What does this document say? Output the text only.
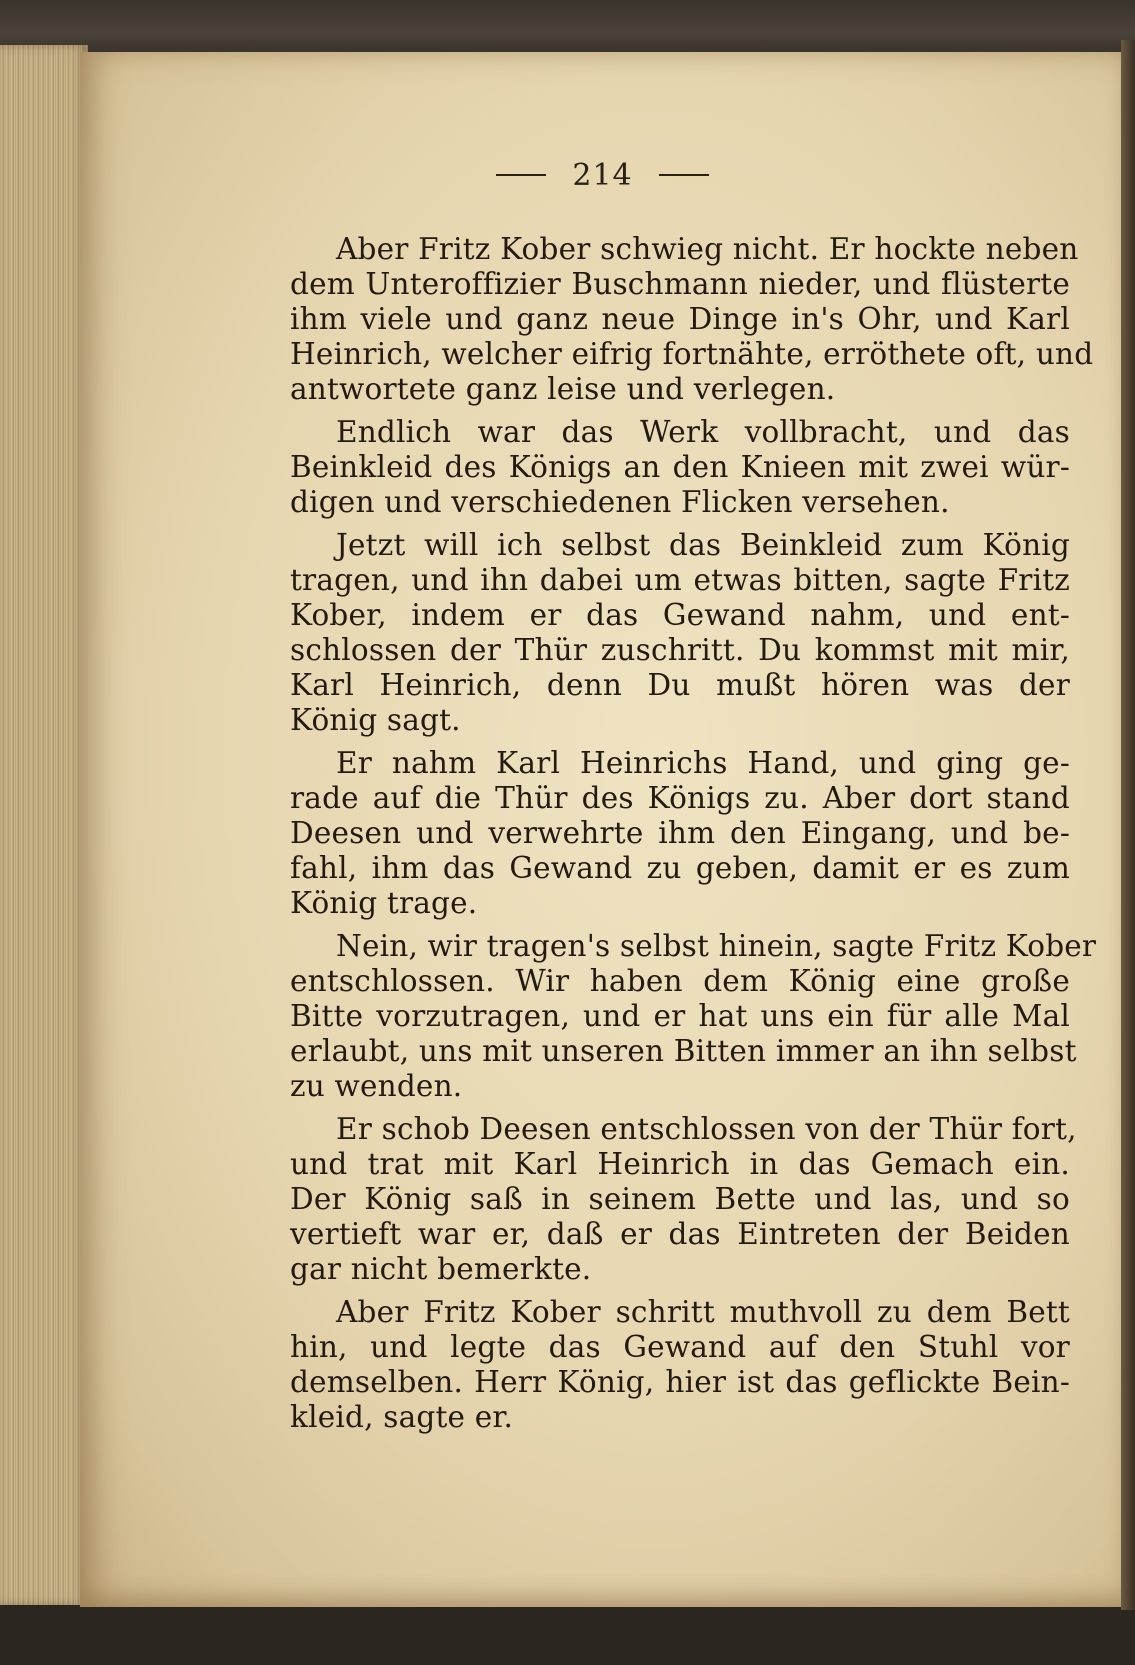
214
Aber Fritz Kober schwieg nicht. Er hockte neben
dem Unteroffizier Buschmann nieder, und flüsterte
ihm viele und ganz neue Dinge in's Ohr, und Karl
Heinrich, welcher eifrig fortnähte, erröthete oft, und
antwortete ganz leise und verlegen.
Endlich war das Werk vollbracht, und das
Beinkleid des Königs an den Knieen mit zwei wür-
digen und verschiedenen Flicken versehen.
Jetzt will ich selbst das Beinkleid zum König
tragen, und ihn dabei um etwas bitten, sagte Fritz
Kober, indem er das Gewand nahm, und ent-
schlossen der Thür zuschritt. Du kommst mit mir,
Karl Heinrich, denn Du mußt hören was der
König sagt.
Er nahm Karl Heinrichs Hand, und ging ge-
rade auf die Thür des Königs zu. Aber dort stand
Deesen und verwehrte ihm den Eingang, und be-
fahl, ihm das Gewand zu geben, damit er es zum
König trage.
Nein, wir tragen's selbst hinein, sagte Fritz Kober
entschlossen. Wir haben dem König eine große
Bitte vorzutragen, und er hat uns ein für alle Mal
erlaubt, uns mit unseren Bitten immer an ihn selbst
zu wenden.
Er schob Deesen entschlossen von der Thür fort,
und trat mit Karl Heinrich in das Gemach ein.
Der König saß in seinem Bette und las, und so
vertieft war er, daß er das Eintreten der Beiden
gar nicht bemerkte.
Aber Fritz Kober schritt muthvoll zu dem Bett
hin, und legte das Gewand auf den Stuhl vor
demselben. Herr König, hier ist das geflickte Bein-
kleid, sagte er.
